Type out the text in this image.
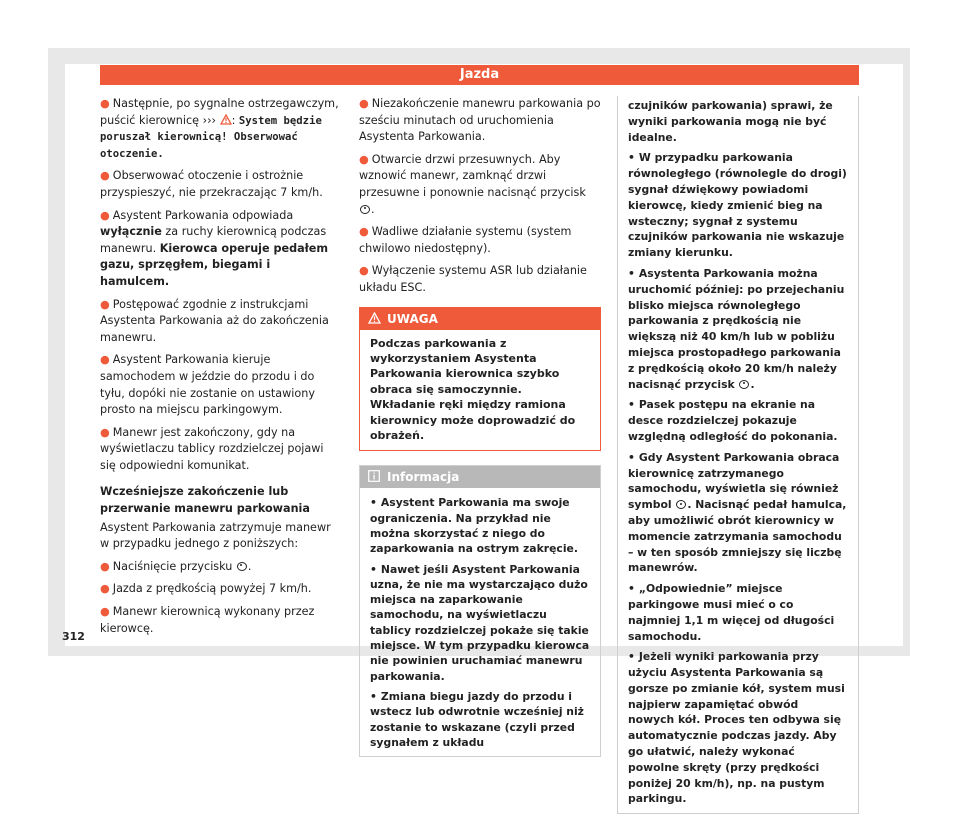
Jazda

● Następnie, po sygnalne ostrzegawczym, puścić kierownicę ››› : System będzie poruszał kierownicą! Obserwować otoczenie.

● Obserwować otoczenie i ostrożnie przyspieszyć, nie przekraczając 7 km/h.

● Asystent Parkowania odpowiada wyłącznie za ruchy kierownicą podczas manewru. Kierowca operuje pedałem gazu, sprzęgłem, biegami i hamulcem.

● Postępować zgodnie z instrukcjami Asystenta Parkowania aż do zakończenia manewru.

● Asystent Parkowania kieruje samochodem w jeździe do przodu i do tyłu, dopóki nie zostanie on ustawiony prosto na miejscu parkingowym.

● Manewr jest zakończony, gdy na wyświetlaczu tablicy rozdzielczej pojawi się odpowiedni komunikat.

Wcześniejsze zakończenie lub przerwanie manewru parkowania

Asystent Parkowania zatrzymuje manewr w przypadku jednego z poniższych:

● Naciśnięcie przycisku .

● Jazda z prędkością powyżej 7 km/h.

● Manewr kierownicą wykonany przez kierowcę.

● Niezakończenie manewru parkowania po sześciu minutach od uruchomienia Asystenta Parkowania.

● Otwarcie drzwi przesuwnych. Aby wznowić manewr, zamknąć drzwi przesuwne i ponownie nacisnąć przycisk .

● Wadliwe działanie systemu (system chwilowo niedostępny).

● Wyłączenie systemu ASR lub działanie układu ESC.

UWAGA
Podczas parkowania z wykorzystaniem Asystenta Parkowania kierownica szybko obraca się samoczynnie. Wkładanie ręki między ramiona kierownicy może doprowadzić do obrażeń.
Informacja

• Asystent Parkowania ma swoje ograniczenia. Na przykład nie można skorzystać z niego do zaparkowania na ostrym zakręcie.

• Nawet jeśli Asystent Parkowania uzna, że nie ma wystarczająco dużo miejsca na zaparkowanie samochodu, na wyświetlaczu tablicy rozdzielczej pokaże się takie miejsce. W tym przypadku kierowca nie powinien uruchamiać manewru parkowania.

• Zmiana biegu jazdy do przodu i wstecz lub odwrotnie wcześniej niż zostanie to wskazane (czyli przed sygnałem z układu

czujników parkowania) sprawi, że wyniki parkowania mogą nie być idealne.

• W przypadku parkowania równoległego (równolegle do drogi) sygnał dźwiękowy powiadomi kierowcę, kiedy zmienić bieg na wsteczny; sygnał z systemu czujników parkowania nie wskazuje zmiany kierunku.

• Asystenta Parkowania można uruchomić później: po przejechaniu blisko miejsca równoległego parkowania z prędkością nie większą niż 40 km/h lub w pobliżu miejsca prostopadłego parkowania z prędkością około 20 km/h należy nacisnąć przycisk .

• Pasek postępu na ekranie na desce rozdzielczej pokazuje względną odległość do pokonania.

• Gdy Asystent Parkowania obraca kierownicę zatrzymanego samochodu, wyświetla się również symbol . Nacisnąć pedał hamulca, aby umożliwić obrót kierownicy w momencie zatrzymania samochodu – w ten sposób zmniejszy się liczbę manewrów.

• „Odpowiednie” miejsce parkingowe musi mieć o co najmniej 1,1 m więcej od długości samochodu.

• Jeżeli wyniki parkowania przy użyciu Asystenta Parkowania są gorsze po zmianie kół, system musi najpierw zapamiętać obwód nowych kół. Proces ten odbywa się automatycznie podczas jazdy. Aby go ułatwić, należy wykonać powolne skręty (przy prędkości poniżej 20 km/h), np. na pustym parkingu.

312
